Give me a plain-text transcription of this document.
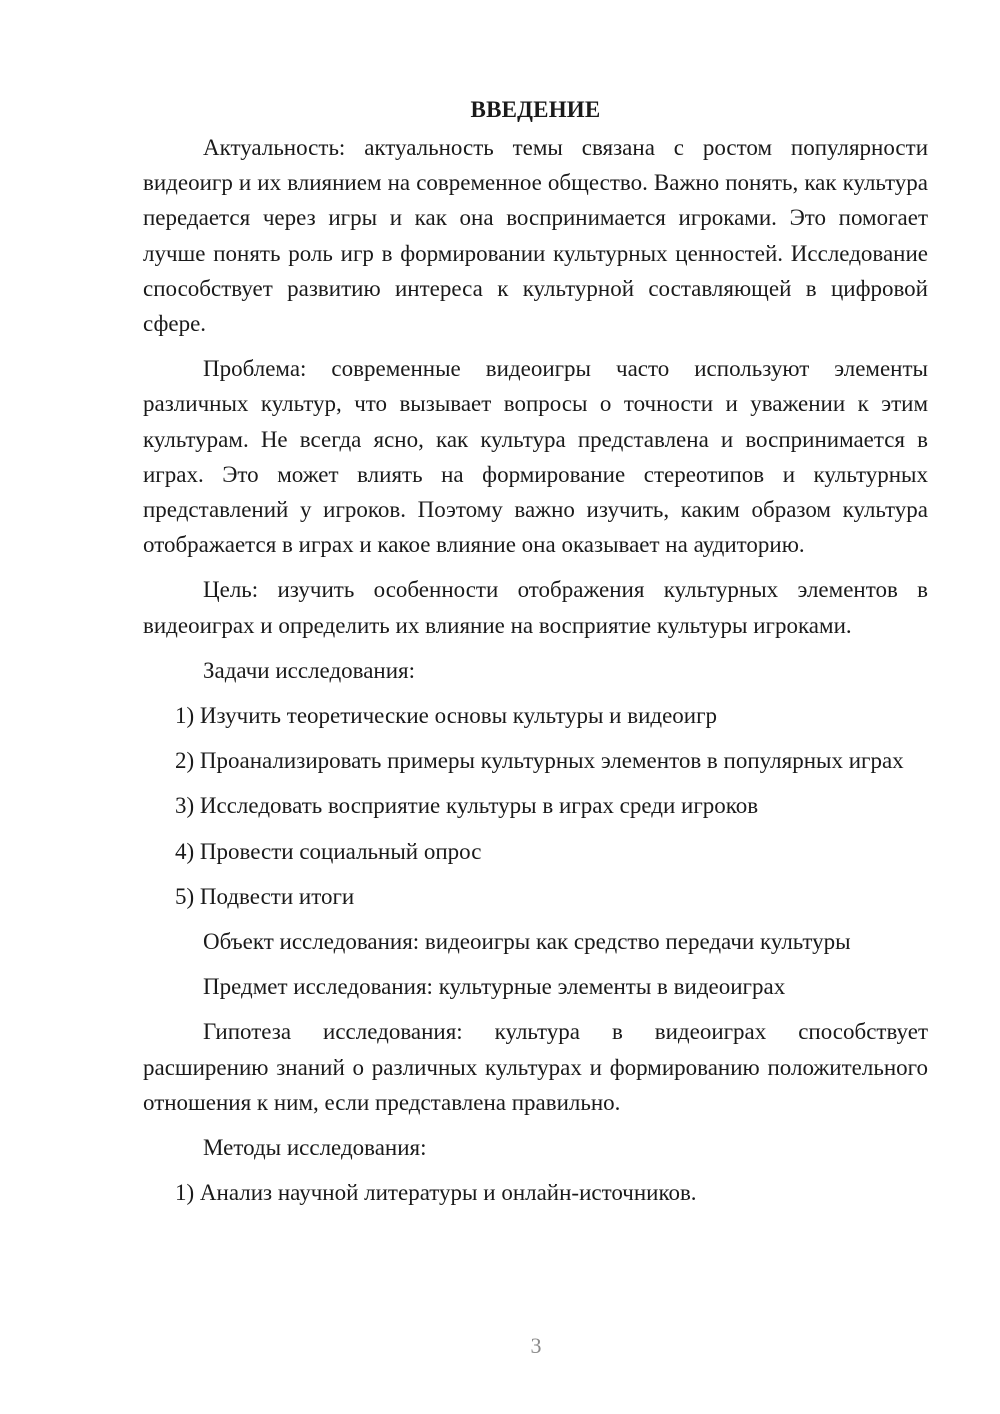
ВВЕДЕНИЕ

Актуальность: актуальность темы связана с ростом популярности видеоигр и их влиянием на современное общество. Важно понять, как культура передается через игры и как она воспринимается игроками. Это помогает лучше понять роль игр в формировании культурных ценностей. Исследование способствует развитию интереса к культурной составляющей в цифровой сфере.

Проблема: современные видеоигры часто используют элементы различных культур, что вызывает вопросы о точности и уважении к этим культурам. Не всегда ясно, как культура представлена и воспринимается в играх. Это может влиять на формирование стереотипов и культурных представлений у игроков. Поэтому важно изучить, каким образом культура отображается в играх и какое влияние она оказывает на аудиторию.

Цель: изучить особенности отображения культурных элементов в видеоиграх и определить их влияние на восприятие культуры игроками.

Задачи исследования:

1) Изучить теоретические основы культуры и видеоигр

2) Проанализировать примеры культурных элементов в популярных играх

3) Исследовать восприятие культуры в играх среди игроков

4) Провести социальный опрос

5) Подвести итоги

Объект исследования: видеоигры как средство передачи культуры

Предмет исследования: культурные элементы в видеоиграх

Гипотеза исследования: культура в видеоиграх способствует расширению знаний о различных культурах и формированию положительного отношения к ним, если представлена правильно.

Методы исследования:

1) Анализ научной литературы и онлайн-источников.

3
